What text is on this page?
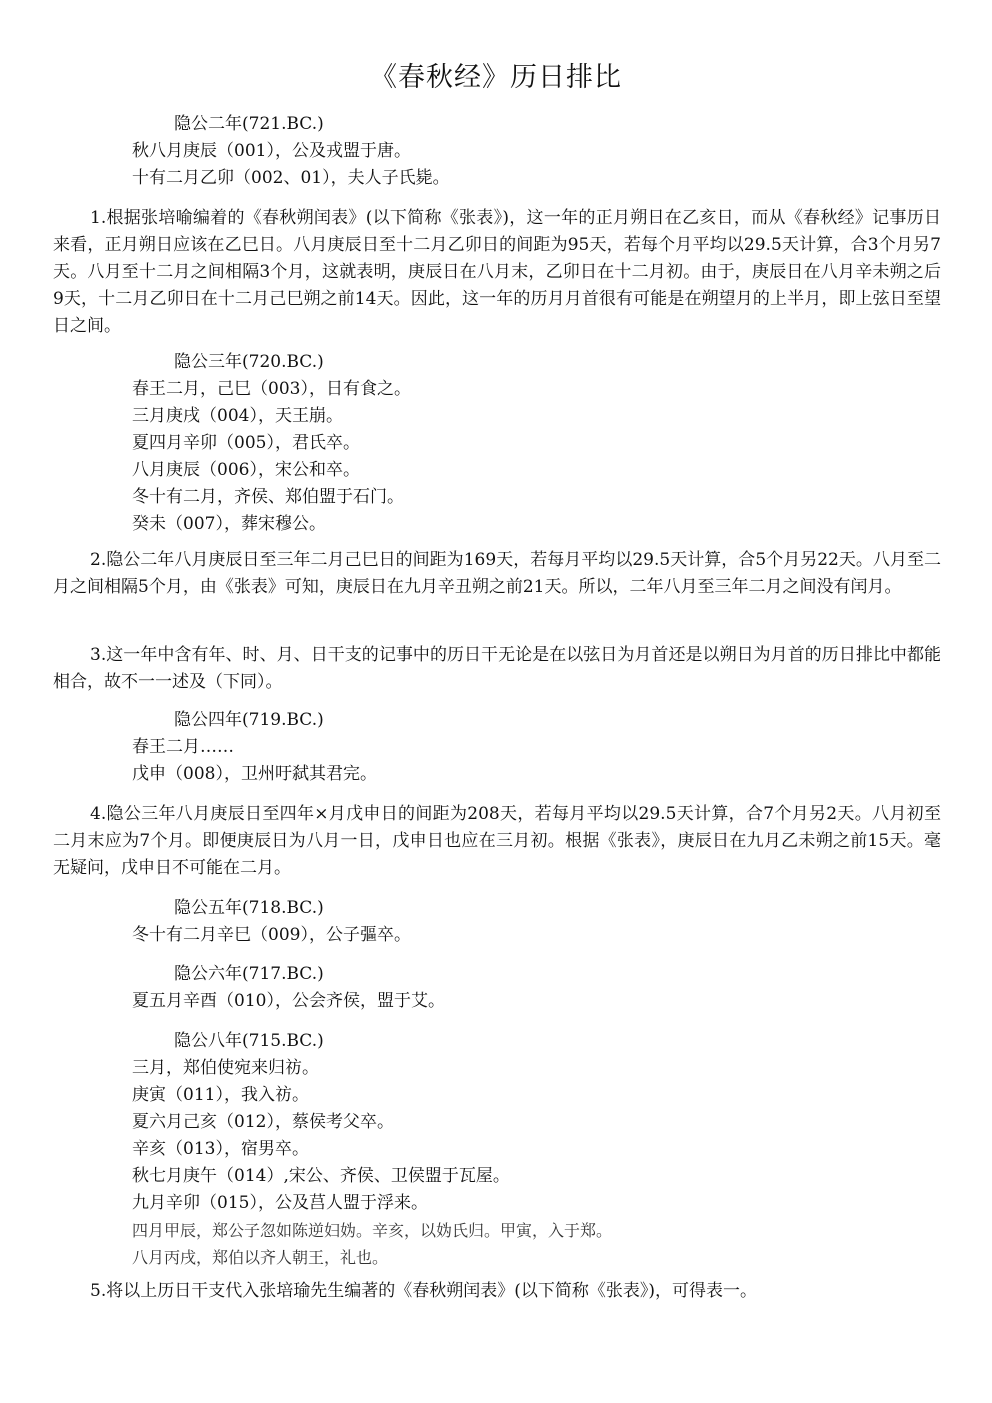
《春秋经》历日排比
隐公二年(721.BC.)
秋八月庚辰（001），公及戎盟于唐。
十有二月乙卯（002、01），夫人子氏毙。
1.根据张培喻编着的《春秋朔闰表》(以下简称《张表》)，这一年的正月朔日在乙亥日，而从《春秋经》记事历日来看，正月朔日应该在乙巳日。八月庚辰日至十二月乙卯日的间距为95天，若每个月平均以29.5天计算，合3个月另7天。八月至十二月之间相隔3个月，这就表明，庚辰日在八月末，乙卯日在十二月初。由于，庚辰日在八月辛未朔之后9天，十二月乙卯日在十二月己巳朔之前14天。因此，这一年的历月月首很有可能是在朔望月的上半月，即上弦日至望日之间。
隐公三年(720.BC.)
春王二月，己巳（003），日有食之。
三月庚戌（004），天王崩。
夏四月辛卯（005），君氏卒。
八月庚辰（006），宋公和卒。
冬十有二月，齐侯、郑伯盟于石门。
癸未（007），葬宋穆公。
2.隐公二年八月庚辰日至三年二月己巳日的间距为169天，若每月平均以29.5天计算，合5个月另22天。八月至二月之间相隔5个月，由《张表》可知，庚辰日在九月辛丑朔之前21天。所以，二年八月至三年二月之间没有闰月。
3.这一年中含有年、时、月、日干支的记事中的历日干无论是在以弦日为月首还是以朔日为月首的历日排比中都能相合，故不一一述及（下同）。
隐公四年(719.BC.)
春王二月……
戊申（008），卫州吁弑其君完。
4.隐公三年八月庚辰日至四年×月戊申日的间距为208天，若每月平均以29.5天计算，合7个月另2天。八月初至二月末应为7个月。即便庚辰日为八月一日，戊申日也应在三月初。根据《张表》，庚辰日在九月乙未朔之前15天。毫无疑问，戊申日不可能在二月。
隐公五年(718.BC.)
冬十有二月辛巳（009），公子彄卒。
隐公六年(717.BC.)
夏五月辛酉（010），公会齐侯，盟于艾。
隐公八年(715.BC.)
三月，郑伯使宛来归祊。
庚寅（011），我入祊。
夏六月己亥（012），蔡侯考父卒。
辛亥（013），宿男卒。
秋七月庚午（014）,宋公、齐侯、卫侯盟于瓦屋。
九月辛卯（015），公及莒人盟于浮来。
四月甲辰，郑公子忽如陈逆妇妫。辛亥，以妫氏归。甲寅，入于郑。
八月丙戌，郑伯以齐人朝王，礼也。
5.将以上历日干支代入张培瑜先生编著的《春秋朔闰表》(以下简称《张表》)，可得表一。
